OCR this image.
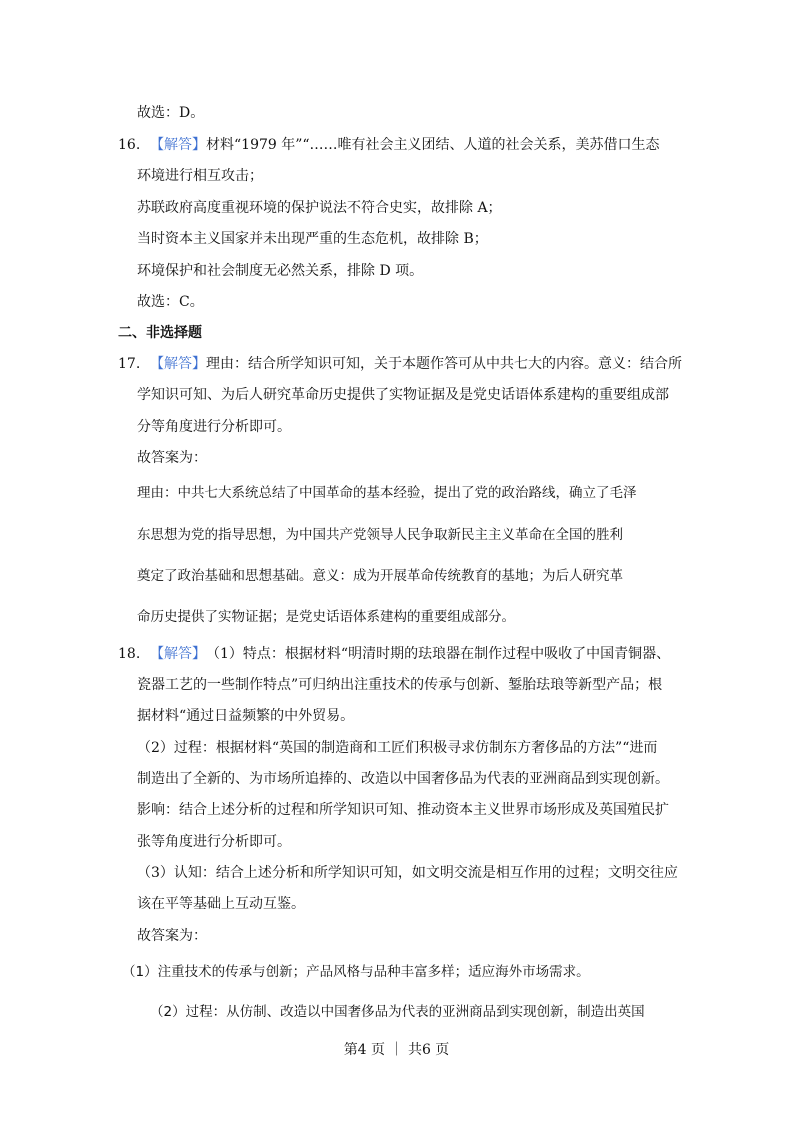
故选：D。
16. 【解答】 材料“1979 年”“……唯有社会主义团结、人道的社会关系，美苏借口生态
环境进行相互攻击；
苏联政府高度重视环境的保护说法不符合史实，故排除 A；
当时资本主义国家并未出现严重的生态危机，故排除 B；
环境保护和社会制度无必然关系，排除 D 项。
故选：C。
二、非选择题
17. 【解答】 理由：结合所学知识可知，关于本题作答可从中共七大的内容。意义：结合所
学知识可知、为后人研究革命历史提供了实物证据及是党史话语体系建构的重要组成部
分等角度进行分析即可。
故答案为：
理由：中共七大系统总结了中国革命的基本经验，提出了党的政治路线，确立了毛泽
东思想为党的指导思想，为中国共产党领导人民争取新民主主义革命在全国的胜利
奠定了政治基础和思想基础。意义：成为开展革命传统教育的基地；为后人研究革
命历史提供了实物证据；是党史话语体系建构的重要组成部分。
18. 【解答】 （1）特点：根据材料“明清时期的珐琅器在制作过程中吸收了中国青铜器、
瓷器工艺的一些制作特点”可归纳出注重技术的传承与创新、錾胎珐琅等新型产品；根
据材料“通过日益频繁的中外贸易。
（2）过程：根据材料“英国的制造商和工匠们积极寻求仿制东方奢侈品的方法”“进而
制造出了全新的、为市场所追捧的、改造以中国奢侈品为代表的亚洲商品到实现创新。
影响：结合上述分析的过程和所学知识可知、推动资本主义世界市场形成及英国殖民扩
张等角度进行分析即可。
（3）认知：结合上述分析和所学知识可知，如文明交流是相互作用的过程；文明交往应
该在平等基础上互动互鉴。
故答案为：
（1）注重技术的传承与创新；产品风格与品种丰富多样；适应海外市场需求。
（2）过程：从仿制、改造以中国奢侈品为代表的亚洲商品到实现创新，制造出英国
第4 页 ｜ 共6 页
